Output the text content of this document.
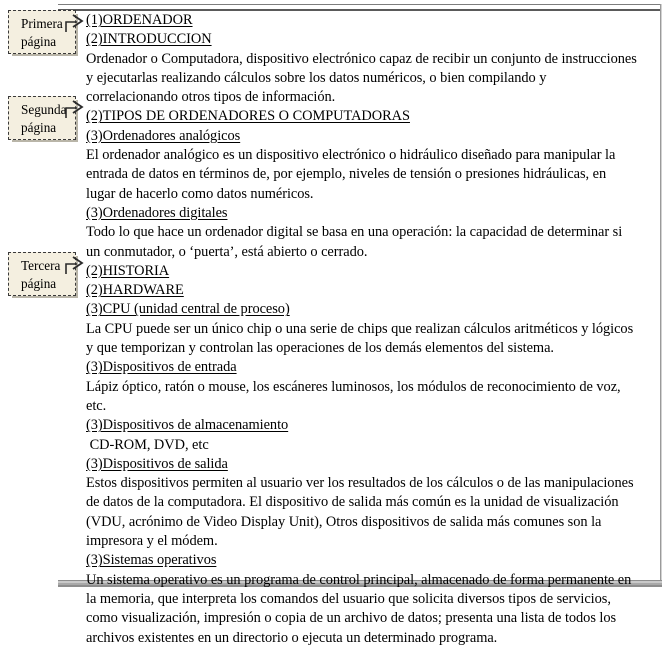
(1)ORDENADOR
(2)INTRODUCCION
Ordenador o Computadora, dispositivo electrónico capaz de recibir un conjunto de instrucciones
y ejecutarlas realizando cálculos sobre los datos numéricos, o bien compilando y
correlacionando otros tipos de información.
(2)TIPOS DE ORDENADORES O COMPUTADORAS
(3)Ordenadores analógicos
El ordenador analógico es un dispositivo electrónico o hidráulico diseñado para manipular la
entrada de datos en términos de, por ejemplo, niveles de tensión o presiones hidráulicas, en
lugar de hacerlo como datos numéricos.
(3)Ordenadores digitales
Todo lo que hace un ordenador digital se basa en una operación: la capacidad de determinar si
un conmutador, o ‘puerta’, está abierto o cerrado.
(2)HISTORIA
(2)HARDWARE
(3)CPU (unidad central de proceso)
La CPU puede ser un único chip o una serie de chips que realizan cálculos aritméticos y lógicos
y que temporizan y controlan las operaciones de los demás elementos del sistema.
(3)Dispositivos de entrada
Lápiz óptico, ratón o mouse, los escáneres luminosos, los módulos de reconocimiento de voz,
etc.
(3)Dispositivos de almacenamiento
CD-ROM, DVD, etc
(3)Dispositivos de salida
Estos dispositivos permiten al usuario ver los resultados de los cálculos o de las manipulaciones
de datos de la computadora. El dispositivo de salida más común es la unidad de visualización
(VDU, acrónimo de Video Display Unit), Otros dispositivos de salida más comunes son la
impresora y el módem.
(3)Sistemas operativos
Un sistema operativo es un programa de control principal, almacenado de forma permanente en
la memoria, que interpreta los comandos del usuario que solicita diversos tipos de servicios,
como visualización, impresión o copia de un archivo de datos; presenta una lista de todos los
archivos existentes en un directorio o ejecuta un determinado programa.
Primera
página
Segunda
página
Tercera
página
